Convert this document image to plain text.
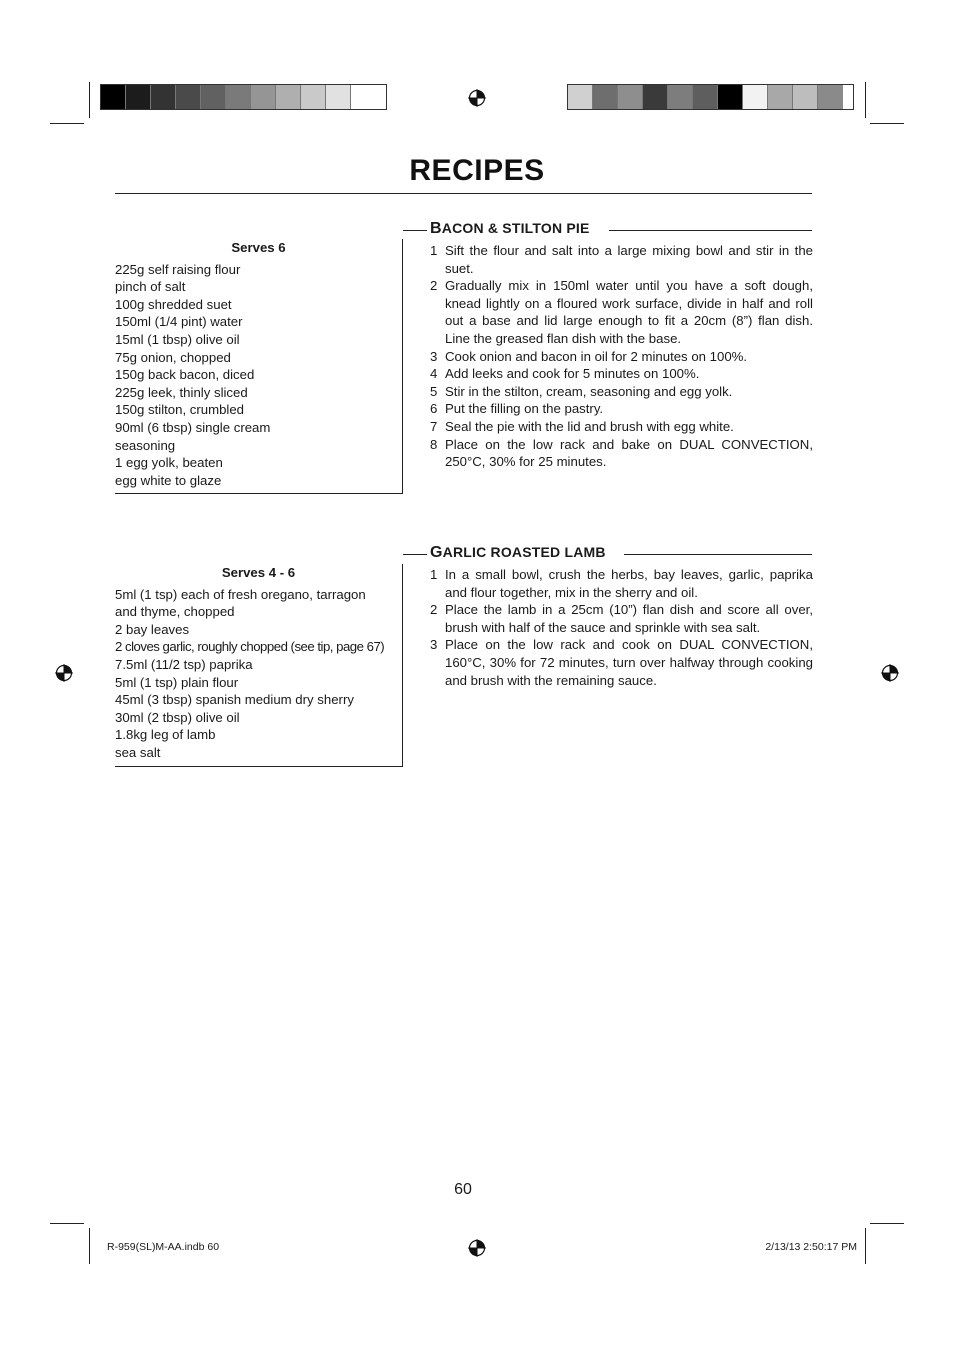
RECIPES
Serves 6
225g self raising flour
pinch of salt
100g shredded suet
150ml (1/4 pint) water
15ml (1 tbsp) olive oil
75g onion, chopped
150g back bacon, diced
225g leek, thinly sliced
150g stilton, crumbled
90ml (6 tbsp) single cream
seasoning
1 egg yolk, beaten
egg white to glaze
BACON & STILTON PIE
1 Sift the flour and salt into a large mixing bowl and stir in the suet.
2 Gradually mix in 150ml water until you have a soft dough, knead lightly on a floured work surface, divide in half and roll out a base and lid large enough to fit a 20cm (8”) flan dish. Line the greased flan dish with the base.
3 Cook onion and bacon in oil for 2 minutes on 100%.
4 Add leeks and cook for 5 minutes on 100%.
5 Stir in the stilton, cream, seasoning and egg yolk.
6 Put the filling on the pastry.
7 Seal the pie with the lid and brush with egg white.
8 Place on the low rack and bake on DUAL CONVECTION, 250°C, 30% for 25 minutes.
Serves 4 - 6
5ml (1 tsp) each of fresh oregano, tarragon
and thyme, chopped
2 bay leaves
2 cloves garlic, roughly chopped (see tip, page 67)
7.5ml (11/2 tsp) paprika
5ml (1 tsp) plain flour
45ml (3 tbsp) spanish medium dry sherry
30ml (2 tbsp) olive oil
1.8kg leg of lamb
sea salt
GARLIC ROASTED LAMB
1 In a small bowl, crush the herbs, bay leaves, garlic, paprika and flour together, mix in the sherry and oil.
2 Place the lamb in a 25cm (10”) flan dish and score all over, brush with half of the sauce and sprinkle with sea salt.
3 Place on the low rack and cook on DUAL CONVECTION, 160°C, 30% for 72 minutes, turn over halfway through cooking and brush with the remaining sauce.
60
R-959(SL)M-AA.indb 60	2/13/13 2:50:17 PM
